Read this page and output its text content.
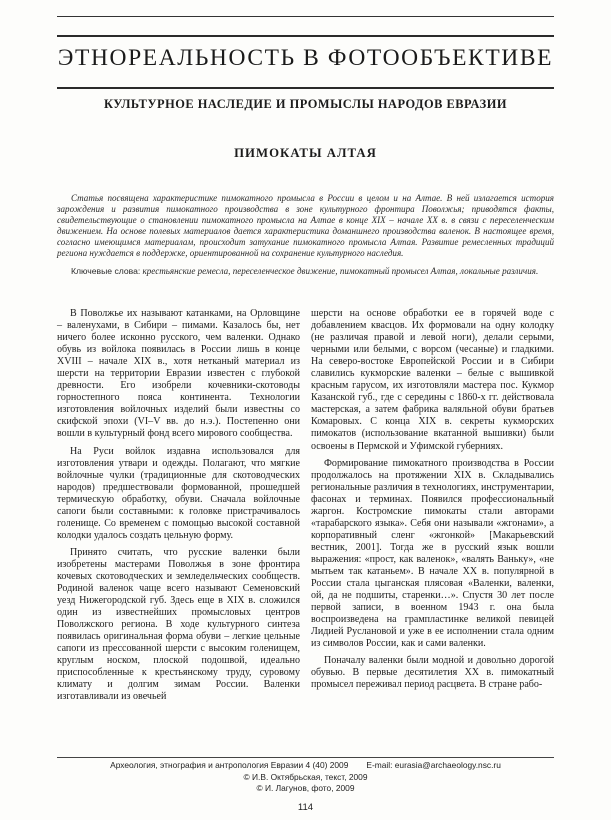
ЭТНОРЕАЛЬНОСТЬ В ФОТООБЪЕКТИВЕ
КУЛЬТУРНОЕ НАСЛЕДИЕ И ПРОМЫСЛЫ НАРОДОВ ЕВРАЗИИ
ПИМОКАТЫ АЛТАЯ

Статья посвящена характеристике пимокатного промысла в России в целом и на Алтае. В ней излагается история зарождения и развития пимокатного производства в зоне культурного фронтира Поволжья; приводятся факты, свидетельствующие о становлении пимокатного промысла на Алтае в конце XIX – начале XX в. в связи с переселенческим движением. На основе полевых материалов дается характеристика доманшнего производства валенок. В настоящее время, согласно имеющимся материалам, происходит затухание пимокатного промысла Алтая. Развитие ремесленных традиций региона нуждается в поддержке, ориентированной на сохранение культурного наследия.

Ключевые слова: крестьянские ремесла, переселенческое движение, пимокатный промысел Алтая, локальные различия.

В Поволжье их называют катанками, на Орловщине – валенухами, в Сибири – пимами. Казалось бы, нет ничего более исконно русского, чем валенки. Однако обувь из войлока появилась в России лишь в конце XVIII – начале XIX в., хотя нетканый материал из шерсти на территории Евразии известен с глубокой древности. Его изобрели кочевники-скотоводы горностепного пояса континента. Технологии изготовления войлочных изделий были известны со скифской эпохи (VI–V вв. до н.э.). Постепенно они вошли в культурный фонд всего мирового сообщества.

На Руси войлок издавна использовался для изготовления утвари и одежды. Полагают, что мягкие войлочные чулки (традиционные для скотоводческих народов) предшествовали формованной, прошедшей термическую обработку, обуви. Сначала войлочные сапоги были составными: к головке пристрачивалось голенище. Со временем с помощью высокой составной колодки удалось создать цельную форму.

Принято считать, что русские валенки были изобретены мастерами Поволжья в зоне фронтира кочевых скотоводческих и земледельческих сообществ. Родиной валенок чаще всего называют Семеновский уезд Нижегородской губ. Здесь еще в XIX в. сложился один из известнейших промысловых центров Поволжского региона. В ходе культурного синтеза появилась оригинальная форма обуви – легкие цельные сапоги из прессованной шерсти с высоким голенищем, круглым носком, плоской подошвой, идеально приспособленные к крестьянскому труду, суровому климату и долгим зимам России. Валенки изготавливали из овечьей

шерсти на основе обработки ее в горячей воде с добавлением квасцов. Их формовали на одну колодку (не различая правой и левой ноги), делали серыми, черными или белыми, с ворсом (чесаные) и гладкими. На северо-востоке Европейской России и в Сибири славились кукморские валенки – белые с вышивкой красным гарусом, их изготовляли мастера пос. Кукмор Казанской губ., где с середины с 1860-х гг. действовала мастерская, а затем фабрика валяльной обуви братьев Комаровых. С конца XIX в. секреты кукморских пимокатов (использование вкатанной вышивки) были освоены в Пермской и Уфимской губерниях.

Формирование пимокатного производства в России продолжалось на протяжении XIX в. Складывались региональные различия в технологиях, инструментарии, фасонах и терминах. Появился профессиональный жаргон. Костромские пимокаты стали авторами «тарабарского языка». Себя они называли «жгонами», а корпоративный сленг «жгонкой» [Макарьевский вестник, 2001]. Тогда же в русский язык вошли выражения: «прост, как валенок», «валять Ваньку», «не мытьем так катаньем». В начале XX в. популярной в России стала цыганская плясовая «Валенки, валенки, ой, да не подшиты, старенки…». Спустя 30 лет после первой записи, в военном 1943 г. она была воспроизведена на грампластинке великой певицей Лидией Руслановой и уже в ее исполнении стала одним из символов России, как и сами валенки.

Поначалу валенки были модной и довольно дорогой обувью. В первые десятилетия XX в. пимокатный промысел переживал период расцвета. В стране рабо-

Археология, этнография и антропология Евразии 4 (40) 2009 E-mail: eurasia@archaeology.nsc.ru
© И.В. Октябрьская, текст, 2009
© И. Лагунов, фото, 2009
114
